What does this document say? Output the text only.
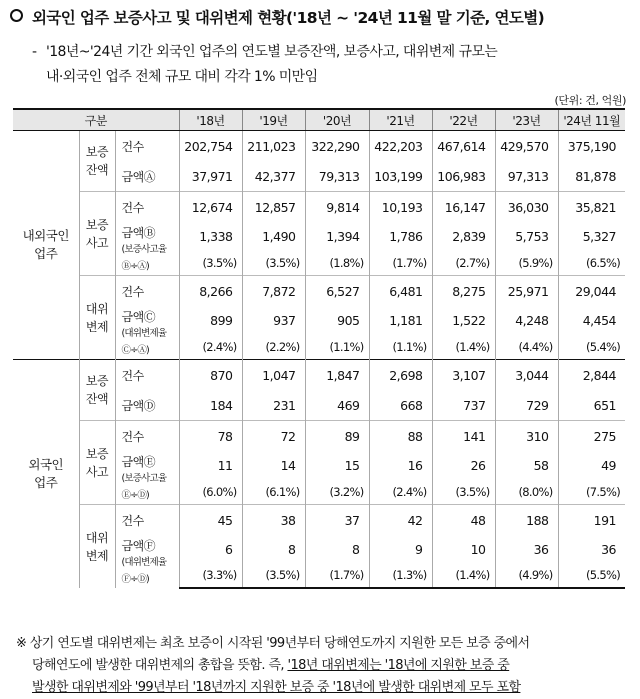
외국인 업주 보증사고 및 대위변제 현황('18년 ~ '24년 11월 말 기준, 연도별)
- '18년~'24년 기간 외국인 업주의 연도별 보증잔액, 보증사고, 대위변제 규모는
내·외국인 업주 전체 규모 대비 각각 1% 미만임
(단위: 건, 억원)
구분			'18년	'19년	'20년	'21년	'22년	'23년	'24년 11월
내외국인
업주	보증
잔액	건수	202,754	211,023	322,290	422,203	467,614	429,570	375,190
		금액Ⓐ	37,971	42,377	79,313	103,199	106,983	97,313	81,878
	보증
사고	건수	12,674	12,857	9,814	10,193	16,147	36,030	35,821

		금액Ⓑ
(보증사고율
Ⓑ÷Ⓐ)	1,338	1,490	1,394	1,786	2,839	5,753	5,327
			(3.5%)	(3.5%)	(1.8%)	(1.7%)	(2.7%)	(5.9%)	(6.5%)
	대위
변제	건수	8,266	7,872	6,527	6,481	8,275	25,971	29,044

		금액Ⓒ
(대위변제율
Ⓒ÷Ⓐ)	899	937	905	1,181	1,522	4,248	4,454
			(2.4%)	(2.2%)	(1.1%)	(1.1%)	(1.4%)	(4.4%)	(5.4%)
외국인
업주	보증
잔액	건수	870	1,047	1,847	2,698	3,107	3,044	2,844
		금액Ⓓ	184	231	469	668	737	729	651
	보증
사고	건수	78	72	89	88	141	310	275

		금액Ⓔ
(보증사고율
Ⓔ÷Ⓓ)	11	14	15	16	26	58	49
			(6.0%)	(6.1%)	(3.2%)	(2.4%)	(3.5%)	(8.0%)	(7.5%)
	대위
변제	건수	45	38	37	42	48	188	191

		금액Ⓕ
(대위변제율
Ⓕ÷Ⓓ)	6	8	8	9	10	36	36
			(3.3%)	(3.5%)	(1.7%)	(1.3%)	(1.4%)	(4.9%)	(5.5%)
※ 상기 연도별 대위변제는 최초 보증이 시작된 '99년부터 당해연도까지 지원한 모든 보증 중에서
당해연도에 발생한 대위변제의 총합을 뜻함. 즉, '18년 대위변제는 '18년에 지원한 보증 중
발생한 대위변제와 '99년부터 '18년까지 지원한 보증 중 '18년에 발생한 대위변제 모두 포함
